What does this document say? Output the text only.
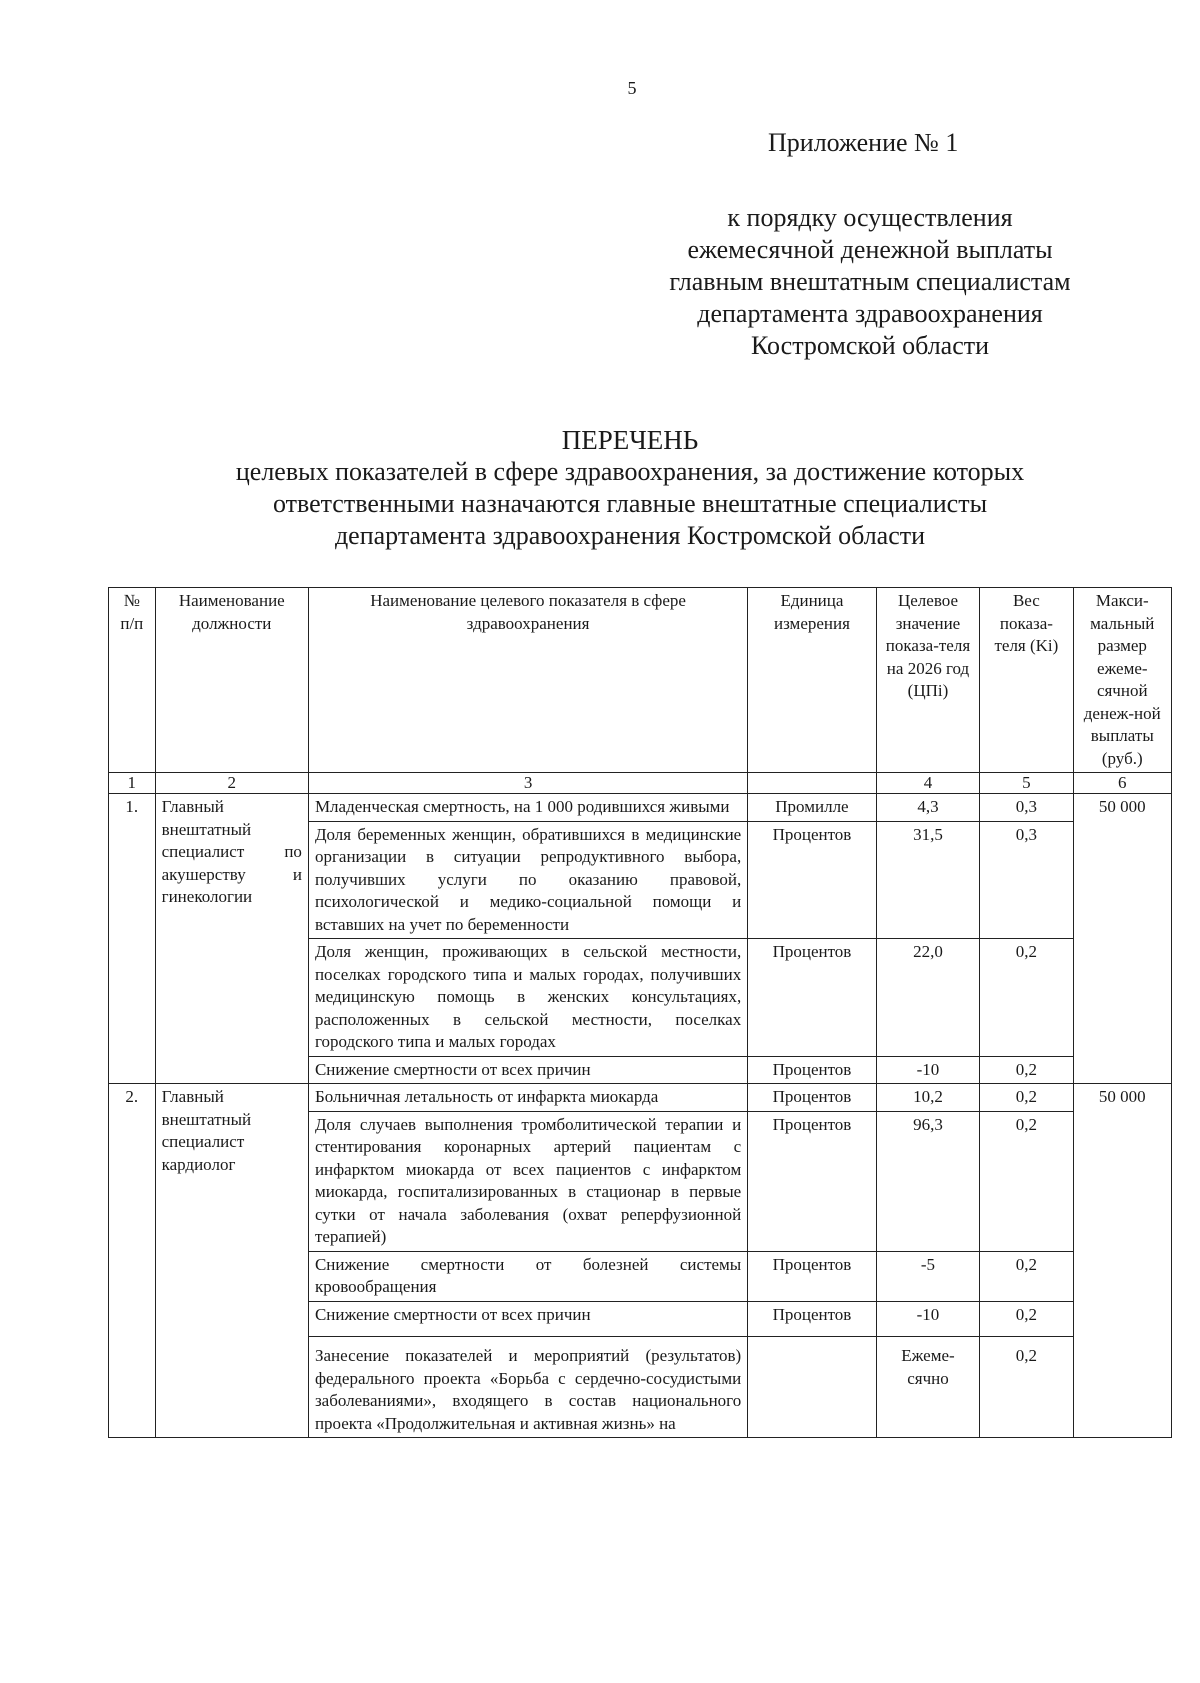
5
Приложение № 1
к порядку осуществления
ежемесячной денежной выплаты
главным внештатным специалистам
департамента здравоохранения
Костромской области
ПЕРЕЧЕНЬ
целевых показателей в сфере здравоохранения, за достижение которых
ответственными назначаются главные внештатные специалисты
департамента здравоохранения Костромской области
№ п/п	Наименование должности	Наименование целевого показателя в сфере здравоохранения	Единица измерения	Целевое значение показа-теля на 2026 год (ЦПi)	Вес показа-теля (Ki)	Макси-мальный размер ежеме-сячной денеж-ной выплаты (руб.)
1	2	3		4	5	6
1.	Главный внештатный специалист по акушерству и гинекологии	Младенческая смертность, на 1 000 родившихся живыми	Промилле	4,3	0,3	50 000
		Доля беременных женщин, обратившихся в медицинские организации в ситуации репродуктивного выбора, получивших услуги по оказанию правовой, психологической и медико-социальной помощи и вставших на учет по беременности	Процентов	31,5	0,3	
		Доля женщин, проживающих в сельской местности, поселках городского типа и малых городах, получивших медицинскую помощь в женских консультациях, расположенных в сельской местности, поселках городского типа и малых городах	Процентов	22,0	0,2	
		Снижение смертности от всех причин	Процентов	-10	0,2	
2.	Главный внештатный специалист кардиолог	Больничная летальность от инфаркта миокарда	Процентов	10,2	0,2	50 000
		Доля случаев выполнения тромболитической терапии и стентирования коронарных артерий пациентам с инфарктом миокарда от всех пациентов с инфарктом миокарда, госпитализированных в стационар в первые сутки от начала заболевания (охват реперфузионной терапией)	Процентов	96,3	0,2	
		Снижение смертности от болезней системы кровообращения	Процентов	-5	0,2	
		Снижение смертности от всех причин	Процентов	-10	0,2	
		Занесение показателей и мероприятий (результатов) федерального проекта «Борьба с сердечно-сосудистыми заболеваниями», входящего в состав национального проекта «Продолжительная и активная жизнь» на		Ежеме-сячно	0,2	
